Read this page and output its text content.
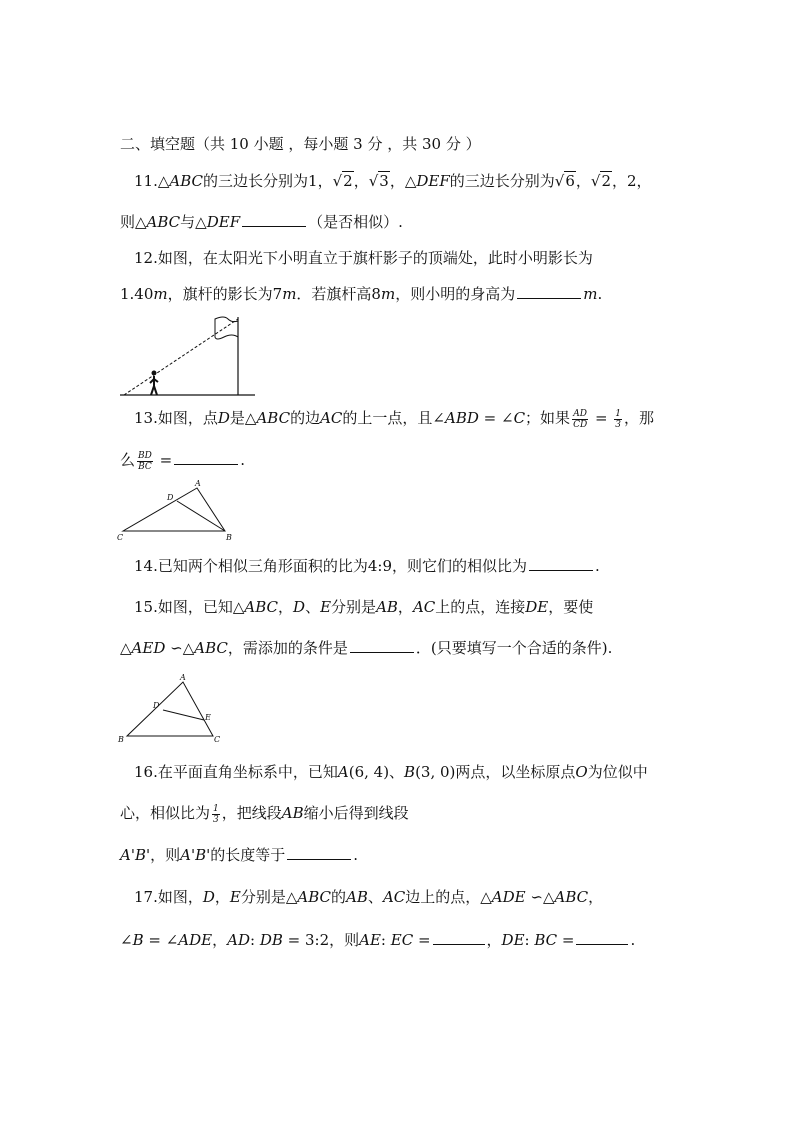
二、填空题（共 10 小题 ，每小题 3 分 ，共 30 分 ）
11.△ABC的三边长分别为1，√2，√3，△DEF的三边长分别为√6，√2，2，
则△ABC与△DEF	（是否相似）.
12.如图，在太阳光下小明直立于旗杆影子的顶端处，此时小明影长为
1.40m，旗杆的影长为7m．若旗杆高8m，则小明的身高为	m.
13.如图，点D是△ABC的边AC的上一点，且∠ABD = ∠C；如果 $\frac{AD}{CD} = \frac{1}{3}$ ，那
么 $\frac{BD}{BC}$ =	.
A
B
C
D
14.已知两个相似三角形面积的比为4:9，则它们的相似比为	.
15.如图，已知△ABC，D、E分别是AB，AC上的点，连接DE，要使
△AED ∽△ABC，需添加的条件是	．(只要填写一个合适的条件).
A
B	C
D
E
16.在平面直角坐标系中，已知A(6, 4)、B(3, 0)两点，以坐标原点O为位似中
心，相似比为 $\frac{1}{3}$ ，把线段AB缩小后得到线段
A'B'，则A'B'的长度等于	.
17.如图，D，E分别是△ABC的AB、AC边上的点，△ADE ∽△ABC，
∠B = ∠ADE，AD: DB = 3:2，则AE: EC =	，DE: BC =	.
